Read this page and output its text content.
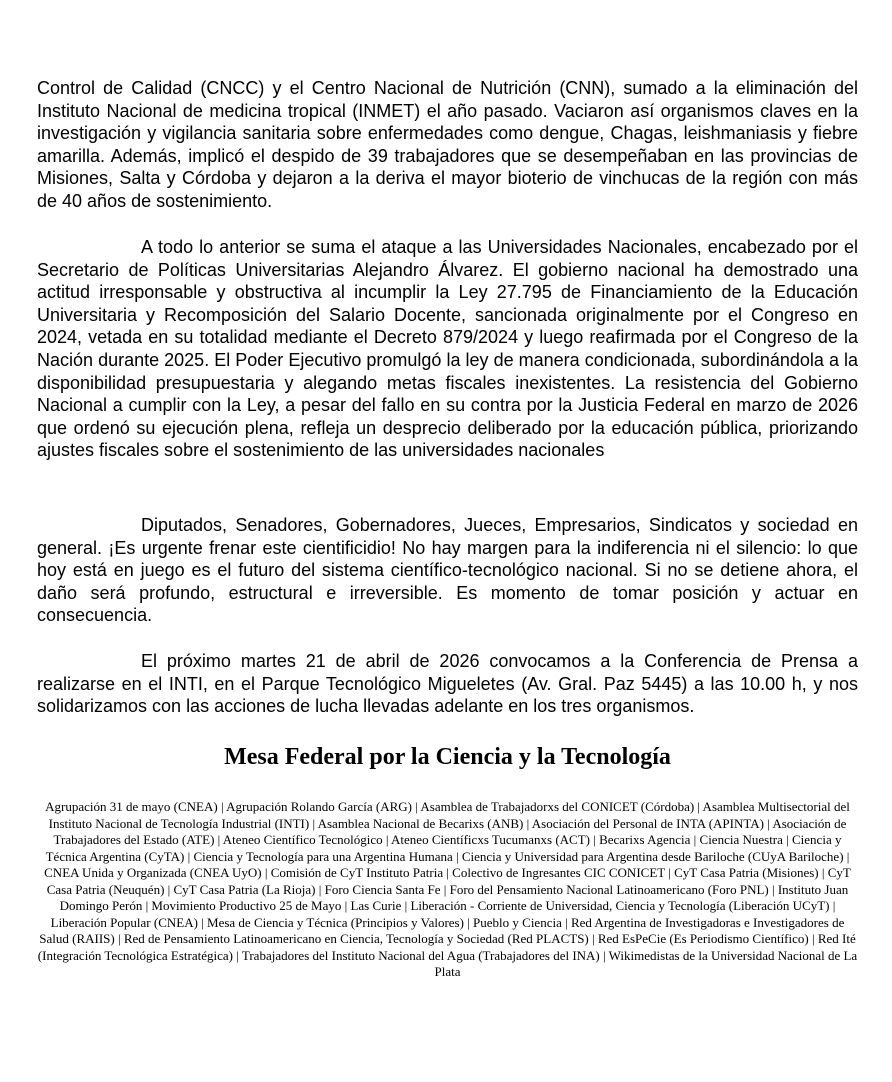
Control de Calidad (CNCC) y el Centro Nacional de Nutrición (CNN), sumado a la eliminación del Instituto Nacional de medicina tropical (INMET) el año pasado. Vaciaron así organismos claves en la investigación y vigilancia sanitaria sobre enfermedades como dengue, Chagas, leishmaniasis y fiebre amarilla. Además, implicó el despido de 39 trabajadores que se desempeñaban en las provincias de Misiones, Salta y Córdoba y dejaron a la deriva el mayor bioterio de vinchucas de la región con más de 40 años de sostenimiento.

A todo lo anterior se suma el ataque a las Universidades Nacionales, encabezado por el Secretario de Políticas Universitarias Alejandro Álvarez. El gobierno nacional ha demostrado una actitud irresponsable y obstructiva al incumplir la Ley 27.795 de Financiamiento de la Educación Universitaria y Recomposición del Salario Docente, sancionada originalmente por el Congreso en 2024, vetada en su totalidad mediante el Decreto 879/2024 y luego reafirmada por el Congreso de la Nación durante 2025. El Poder Ejecutivo promulgó la ley de manera condicionada, subordinándola a la disponibilidad presupuestaria y alegando metas fiscales inexistentes. La resistencia del Gobierno Nacional a cumplir con la Ley, a pesar del fallo en su contra por la Justicia Federal en marzo de 2026 que ordenó su ejecución plena, refleja un desprecio deliberado por la educación pública, priorizando ajustes fiscales sobre el sostenimiento de las universidades nacionales

Diputados, Senadores, Gobernadores, Jueces, Empresarios, Sindicatos y sociedad en general. ¡Es urgente frenar este cientificidio! No hay margen para la indiferencia ni el silencio: lo que hoy está en juego es el futuro del sistema científico-tecnológico nacional. Si no se detiene ahora, el daño será profundo, estructural e irreversible. Es momento de tomar posición y actuar en consecuencia.

El próximo martes 21 de abril de 2026 convocamos a la Conferencia de Prensa a realizarse en el INTI, en el Parque Tecnológico Migueletes (Av. Gral. Paz 5445) a las 10.00 h, y nos solidarizamos con las acciones de lucha llevadas adelante en los tres organismos.

Mesa Federal por la Ciencia y la Tecnología

Agrupación 31 de mayo (CNEA) | Agrupación Rolando García (ARG) | Asamblea de Trabajadorxs del CONICET (Córdoba) | Asamblea Multisectorial del Instituto Nacional de Tecnología Industrial (INTI) | Asamblea Nacional de Becarixs (ANB) | Asociación del Personal de INTA (APINTA) | Asociación de Trabajadores del Estado (ATE) | Ateneo Científico Tecnológico | Ateneo Científicxs Tucumanxs (ACT) | Becarixs Agencia | Ciencia Nuestra | Ciencia y Técnica Argentina (CyTA) | Ciencia y Tecnología para una Argentina Humana | Ciencia y Universidad para Argentina desde Bariloche (CUyA Bariloche) | CNEA Unida y Organizada (CNEA UyO) | Comisión de CyT Instituto Patria | Colectivo de Ingresantes CIC CONICET | CyT Casa Patria (Misiones) | CyT Casa Patria (Neuquén) | CyT Casa Patria (La Rioja) | Foro Ciencia Santa Fe | Foro del Pensamiento Nacional Latinoamericano (Foro PNL) | Instituto Juan Domingo Perón | Movimiento Productivo 25 de Mayo | Las Curie | Liberación - Corriente de Universidad, Ciencia y Tecnología (Liberación UCyT) | Liberación Popular (CNEA) | Mesa de Ciencia y Técnica (Principios y Valores) | Pueblo y Ciencia | Red Argentina de Investigadoras e Investigadores de Salud (RAIIS) | Red de Pensamiento Latinoamericano en Ciencia, Tecnología y Sociedad (Red PLACTS) | Red EsPeCie (Es Periodismo Científico) | Red Ité (Integración Tecnológica Estratégica) | Trabajadores del Instituto Nacional del Agua (Trabajadores del INA) | Wikimedistas de la Universidad Nacional de La Plata
